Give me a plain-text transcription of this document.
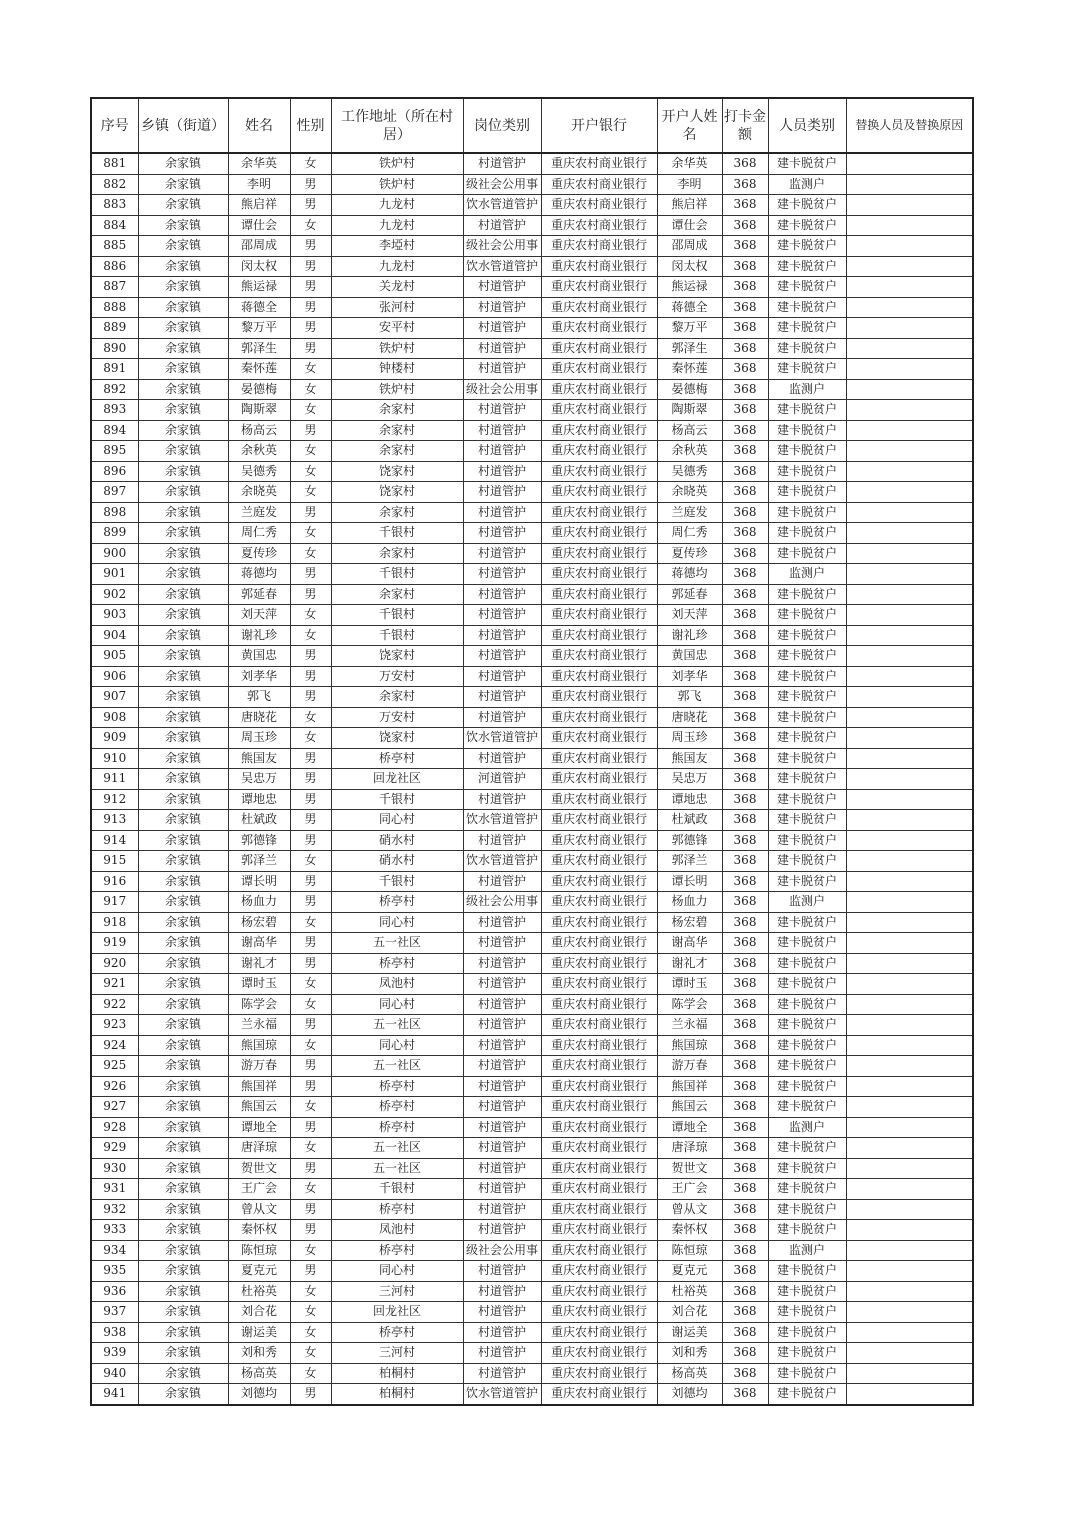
序号	乡镇（街道）	姓名	性别	工作地址（所在村居）	岗位类别	开户银行	开户人姓名	打卡金额	人员类别	替换人员及替换原因
881	余家镇	余华英	女	铁炉村	村道管护	重庆农村商业银行	余华英	368	建卡脱贫户	
882	余家镇	李明	男	铁炉村	级社会公用事	重庆农村商业银行	李明	368	监测户	
883	余家镇	熊启祥	男	九龙村	饮水管道管护	重庆农村商业银行	熊启祥	368	建卡脱贫户	
884	余家镇	谭仕会	女	九龙村	村道管护	重庆农村商业银行	谭仕会	368	建卡脱贫户	
885	余家镇	邵周成	男	李埡村	级社会公用事	重庆农村商业银行	邵周成	368	建卡脱贫户	
886	余家镇	闵太权	男	九龙村	饮水管道管护	重庆农村商业银行	闵太权	368	建卡脱贫户	
887	余家镇	熊运禄	男	关龙村	村道管护	重庆农村商业银行	熊运禄	368	建卡脱贫户	
888	余家镇	蒋德全	男	张河村	村道管护	重庆农村商业银行	蒋德全	368	建卡脱贫户	
889	余家镇	黎万平	男	安平村	村道管护	重庆农村商业银行	黎万平	368	建卡脱贫户	
890	余家镇	郭泽生	男	铁炉村	村道管护	重庆农村商业银行	郭泽生	368	建卡脱贫户	
891	余家镇	秦怀莲	女	钟楼村	村道管护	重庆农村商业银行	秦怀莲	368	建卡脱贫户	
892	余家镇	晏德梅	女	铁炉村	级社会公用事	重庆农村商业银行	晏德梅	368	监测户	
893	余家镇	陶斯翠	女	余家村	村道管护	重庆农村商业银行	陶斯翠	368	建卡脱贫户	
894	余家镇	杨高云	男	余家村	村道管护	重庆农村商业银行	杨高云	368	建卡脱贫户	
895	余家镇	余秋英	女	余家村	村道管护	重庆农村商业银行	余秋英	368	建卡脱贫户	
896	余家镇	吴德秀	女	饶家村	村道管护	重庆农村商业银行	吴德秀	368	建卡脱贫户	
897	余家镇	余晓英	女	饶家村	村道管护	重庆农村商业银行	余晓英	368	建卡脱贫户	
898	余家镇	兰庭发	男	余家村	村道管护	重庆农村商业银行	兰庭发	368	建卡脱贫户	
899	余家镇	周仁秀	女	千银村	村道管护	重庆农村商业银行	周仁秀	368	建卡脱贫户	
900	余家镇	夏传珍	女	余家村	村道管护	重庆农村商业银行	夏传珍	368	建卡脱贫户	
901	余家镇	蒋德均	男	千银村	村道管护	重庆农村商业银行	蒋德均	368	监测户	
902	余家镇	郭延春	男	余家村	村道管护	重庆农村商业银行	郭延春	368	建卡脱贫户	
903	余家镇	刘天萍	女	千银村	村道管护	重庆农村商业银行	刘天萍	368	建卡脱贫户	
904	余家镇	谢礼珍	女	千银村	村道管护	重庆农村商业银行	谢礼珍	368	建卡脱贫户	
905	余家镇	黄国忠	男	饶家村	村道管护	重庆农村商业银行	黄国忠	368	建卡脱贫户	
906	余家镇	刘孝华	男	万安村	村道管护	重庆农村商业银行	刘孝华	368	建卡脱贫户	
907	余家镇	郭飞	男	余家村	村道管护	重庆农村商业银行	郭飞	368	建卡脱贫户	
908	余家镇	唐晓花	女	万安村	村道管护	重庆农村商业银行	唐晓花	368	建卡脱贫户	
909	余家镇	周玉珍	女	饶家村	饮水管道管护	重庆农村商业银行	周玉珍	368	建卡脱贫户	
910	余家镇	熊国友	男	桥亭村	村道管护	重庆农村商业银行	熊国友	368	建卡脱贫户	
911	余家镇	吴忠万	男	回龙社区	河道管护	重庆农村商业银行	吴忠万	368	建卡脱贫户	
912	余家镇	谭地忠	男	千银村	村道管护	重庆农村商业银行	谭地忠	368	建卡脱贫户	
913	余家镇	杜斌政	男	同心村	饮水管道管护	重庆农村商业银行	杜斌政	368	建卡脱贫户	
914	余家镇	郭德锋	男	硝水村	村道管护	重庆农村商业银行	郭德锋	368	建卡脱贫户	
915	余家镇	郭泽兰	女	硝水村	饮水管道管护	重庆农村商业银行	郭泽兰	368	建卡脱贫户	
916	余家镇	谭长明	男	千银村	村道管护	重庆农村商业银行	谭长明	368	建卡脱贫户	
917	余家镇	杨血力	男	桥亭村	级社会公用事	重庆农村商业银行	杨血力	368	监测户	
918	余家镇	杨宏碧	女	同心村	村道管护	重庆农村商业银行	杨宏碧	368	建卡脱贫户	
919	余家镇	谢高华	男	五一社区	村道管护	重庆农村商业银行	谢高华	368	建卡脱贫户	
920	余家镇	谢礼才	男	桥亭村	村道管护	重庆农村商业银行	谢礼才	368	建卡脱贫户	
921	余家镇	谭时玉	女	凤池村	村道管护	重庆农村商业银行	谭时玉	368	建卡脱贫户	
922	余家镇	陈学会	女	同心村	村道管护	重庆农村商业银行	陈学会	368	建卡脱贫户	
923	余家镇	兰永福	男	五一社区	村道管护	重庆农村商业银行	兰永福	368	建卡脱贫户	
924	余家镇	熊国琼	女	同心村	村道管护	重庆农村商业银行	熊国琼	368	建卡脱贫户	
925	余家镇	游万春	男	五一社区	村道管护	重庆农村商业银行	游万春	368	建卡脱贫户	
926	余家镇	熊国祥	男	桥亭村	村道管护	重庆农村商业银行	熊国祥	368	建卡脱贫户	
927	余家镇	熊国云	女	桥亭村	村道管护	重庆农村商业银行	熊国云	368	建卡脱贫户	
928	余家镇	谭地全	男	桥亭村	村道管护	重庆农村商业银行	谭地全	368	监测户	
929	余家镇	唐泽琼	女	五一社区	村道管护	重庆农村商业银行	唐泽琼	368	建卡脱贫户	
930	余家镇	贺世文	男	五一社区	村道管护	重庆农村商业银行	贺世文	368	建卡脱贫户	
931	余家镇	王广会	女	千银村	村道管护	重庆农村商业银行	王广会	368	建卡脱贫户	
932	余家镇	曾从文	男	桥亭村	村道管护	重庆农村商业银行	曾从文	368	建卡脱贫户	
933	余家镇	秦怀权	男	凤池村	村道管护	重庆农村商业银行	秦怀权	368	建卡脱贫户	
934	余家镇	陈恒琼	女	桥亭村	级社会公用事	重庆农村商业银行	陈恒琼	368	监测户	
935	余家镇	夏克元	男	同心村	村道管护	重庆农村商业银行	夏克元	368	建卡脱贫户	
936	余家镇	杜裕英	女	三河村	村道管护	重庆农村商业银行	杜裕英	368	建卡脱贫户	
937	余家镇	刘合花	女	回龙社区	村道管护	重庆农村商业银行	刘合花	368	建卡脱贫户	
938	余家镇	谢运美	女	桥亭村	村道管护	重庆农村商业银行	谢运美	368	建卡脱贫户	
939	余家镇	刘和秀	女	三河村	村道管护	重庆农村商业银行	刘和秀	368	建卡脱贫户	
940	余家镇	杨高英	女	柏桐村	村道管护	重庆农村商业银行	杨高英	368	建卡脱贫户	
941	余家镇	刘德均	男	柏桐村	饮水管道管护	重庆农村商业银行	刘德均	368	建卡脱贫户	
